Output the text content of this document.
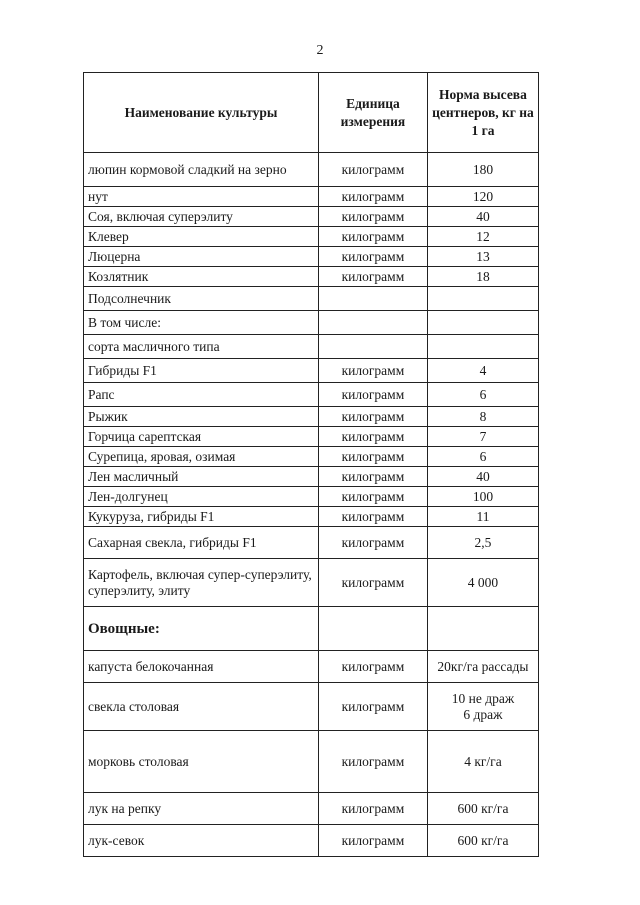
2
Наименование культуры	Единица измерения	Норма высева центнеров, кг на 1 га
люпин кормовой сладкий на зерно	килограмм	180
нут	килограмм	120
Соя, включая суперэлиту	килограмм	40
Клевер	килограмм	12
Люцерна	килограмм	13
Козлятник	килограмм	18
Подсолнечник		
В том числе:		
сорта масличного типа		
Гибриды F1	килограмм	4
Рапс	килограмм	6
Рыжик	килограмм	8
Горчица сарептская	килограмм	7
Сурепица, яровая, озимая	килограмм	6
Лен масличный	килограмм	40
Лен-долгунец	килограмм	100
Кукуруза, гибриды F1	килограмм	11
Сахарная свекла, гибриды F1	килограмм	2,5
Картофель, включая супер-суперэлиту, суперэлиту, элиту	килограмм	4 000
Овощные:		
капуста белокочанная	килограмм	20кг/га рассады
свекла столовая	килограмм	10 не драж
6 драж

морковь столовая	килограмм	4 кг/га
лук на репку	килограмм	600 кг/га
лук-севок	килограмм	600 кг/га
